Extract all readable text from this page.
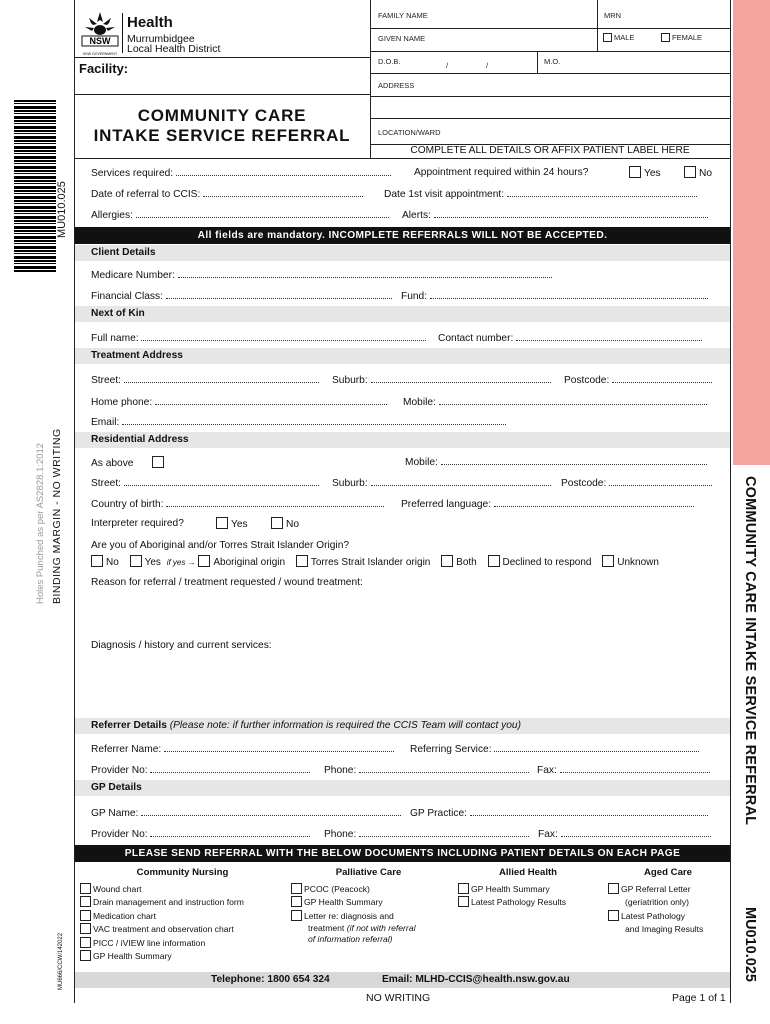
COMMUNITY CARE INTAKE SERVICE REFERRAL
MU010.025
MU010.025
Holes Punched as per AS2828.1:2012 BINDING MARGIN - NO WRITING
MU666/CCW/142022
NSW
NSW GOVERNMENT
Health
Murrumbidgee
Local Health District
Facility:
COMMUNITY CARE
INTAKE SERVICE REFERRAL
FAMILY NAME	MRN
GIVEN NAME	MALE	FEMALE
D.O.B.	/	/	M.O.
ADDRESS
LOCATION/WARD
COMPLETE ALL DETAILS OR AFFIX PATIENT LABEL HERE
Services required:	Appointment required within 24 hours?	Yes	No
Date of referral to CCIS:	Date 1st visit appointment:
Allergies:	Alerts:
All fields are mandatory. INCOMPLETE REFERRALS WILL NOT BE ACCEPTED.
Client Details
Medicare Number:
Financial Class:	Fund:
Next of Kin
Full name:	Contact number:
Treatment Address
Street:	Suburb:	Postcode:
Home phone:	Mobile:
Email:
Residential Address
As above	Mobile:
Street:	Suburb:	Postcode:
Country of birth:	Preferred language:
Interpreter required?	Yes	No
Are you of Aboriginal and/or Torres Strait Islander Origin?
No	Yes if yes → Aboriginal origin	Torres Strait Islander origin	Both	Declined to respond	Unknown
Reason for referral / treatment requested / wound treatment:
Diagnosis / history and current services:
Referrer Details (Please note: if further information is required the CCIS Team will contact you)
Referrer Name:	Referring Service:
Provider No:	Phone:	Fax:
GP Details
GP Name:	GP Practice:
Provider No:	Phone:	Fax:
PLEASE SEND REFERRAL WITH THE BELOW DOCUMENTS INCLUDING PATIENT DETAILS ON EACH PAGE
Community Nursing
Wound chart
Drain management and instruction form
Medication chart
VAC treatment and observation chart
PICC / iVIEW line information
GP Health Summary
Palliative Care
PCOC (Peacock)
GP Health Summary
Letter re: diagnosis and
treatment (if not with referral
of information referral)
Allied Health
GP Health Summary
Latest Pathology Results
Aged Care
GP Referral Letter
(geriatrition only)
Latest Pathology
and Imaging Results
Telephone: 1800 654 324	Email: MLHD-CCIS@health.nsw.gov.au
NO WRITING	Page 1 of 1
